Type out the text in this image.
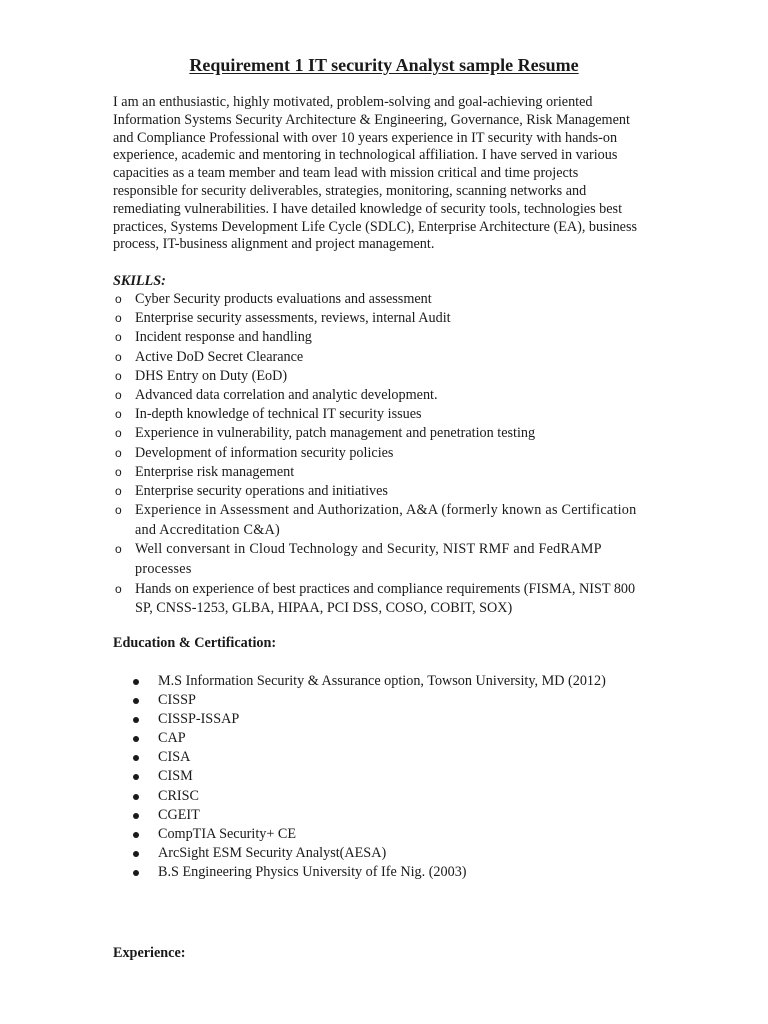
Requirement 1 IT security Analyst sample Resume

I am an enthusiastic, highly motivated, problem-solving and goal-achieving oriented Information Systems Security Architecture & Engineering, Governance, Risk Management and Compliance Professional with over 10 years experience in IT security with hands-on experience, academic and mentoring in technological affiliation. I have served in various capacities as a team member and team lead with mission critical and time projects responsible for security deliverables, strategies, monitoring, scanning networks and remediating vulnerabilities. I have detailed knowledge of security tools, technologies best practices, Systems Development Life Cycle (SDLC), Enterprise Architecture (EA), business process, IT-business alignment and project management.

SKILLS:

o Cyber Security products evaluations and assessment
o Enterprise security assessments, reviews, internal Audit
o Incident response and handling
o Active DoD Secret Clearance
o DHS Entry on Duty (EoD)
o Advanced data correlation and analytic development.
o In-depth knowledge of technical IT security issues
o Experience in vulnerability, patch management and penetration testing
o Development of information security policies
o Enterprise risk management
o Enterprise security operations and initiatives
o Experience in Assessment and Authorization, A&A (formerly known as Certification and Accreditation C&A)
o Well conversant in Cloud Technology and Security, NIST RMF and FedRAMP processes
o Hands on experience of best practices and compliance requirements (FISMA, NIST 800 SP, CNSS-1253, GLBA, HIPAA, PCI DSS, COSO, COBIT, SOX)

Education & Certification:

M.S Information Security & Assurance option, Towson University, MD (2012)
CISSP
CISSP-ISSAP
CAP
CISA
CISM
CRISC
CGEIT
CompTIA Security+ CE
ArcSight ESM Security Analyst(AESA)
B.S Engineering Physics University of Ife Nig. (2003)

Experience:
